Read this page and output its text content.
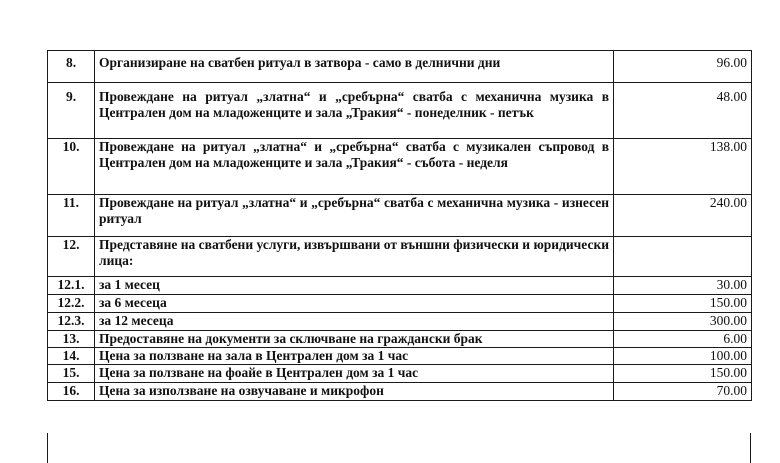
8.	Организиране на сватбен ритуал в затвора - само в делнични дни	96.00
9.	Провеждане на ритуал „златна“ и „сребърна“ сватба с механична музика в Централен дом на младоженците и зала „Тракия“ - понеделник - петък	48.00
10.	Провеждане на ритуал „златна“ и „сребърна“ сватба с музикален съпровод в Централен дом на младоженците и зала „Тракия“ - събота - неделя	138.00
11.	Провеждане на ритуал „златна“ и „сребърна“ сватба с механична музика - изнесен ритуал	240.00
12.	Представяне на сватбени услуги, извършвани от външни физически и юридически лица:	
12.1.	за 1 месец	30.00
12.2.	за 6 месеца	150.00
12.3.	за 12 месеца	300.00
13.	Предоставяне на документи за сключване на граждански брак	6.00
14.	Цена за ползване на зала в Централен дом за 1 час	100.00
15.	Цена за ползване на фоайе в Централен дом за 1 час	150.00
16.	Цена за използване на озвучаване и микрофон	70.00
